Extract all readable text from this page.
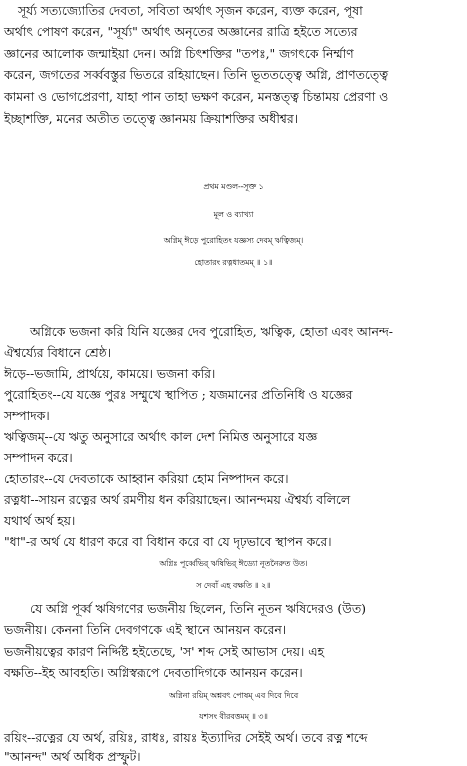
সূর্য্য সত্যজ্যোতির দেবতা, সবিতা অর্থাৎ সৃজন করেন, ব্যক্ত করেন, পূষা
অর্থাৎ পোষণ করেন, "সূর্য্য" অর্থাৎ অনৃতের অজ্ঞানের রাত্রি হইতে সত্যের
জ্ঞানের আলোক জন্মাইয়া দেন। অগ্নি চিৎশক্তির "তপঃ," জগৎকে নির্ম্মাণ
করেন, জগতের সর্ব্ববস্তুর ভিতরে রহিয়াছেন। তিনি ভূততত্ত্বে অগ্নি, প্রাণতত্ত্বে
কামনা ও ভোগপ্রেরণা, যাহা পান তাহা ভক্ষণ করেন, মনস্তত্ত্ব চিন্তাময় প্রেরণা ও
ইচ্ছাশক্তি, মনের অতীত তত্ত্বে জ্ঞানময় ক্রিয়াশক্তির অধীশ্বর।
প্রথম মণ্ডল--সূক্ত ১
মূল ও ব্যাখ্যা
অগ্নিম্ ঈড়ে পুরোহিতং যজ্ঞস্য দেবম্ ঋত্বিজম্।
হোতারং রত্নধাতমম্ ॥ ১॥
অগ্নিকে ভজনা করি যিনি যজ্ঞের দেব পুরোহিত, ঋত্বিক, হোতা এবং আনন্দ-
ঐশ্বর্য্যের বিধানে শ্রেষ্ঠ।
ঈড়ে--ভজামি, প্রার্থয়ে, কাময়ে। ভজনা করি।
পুরোহিতং--যে যজ্ঞে পুরঃ সম্মুখে স্থাপিত ; যজমানের প্রতিনিধি ও যজ্ঞের
সম্পাদক।
ঋত্বিজম্--যে ঋতু অনুসারে অর্থাৎ কাল দেশ নিমিত্ত অনুসারে যজ্ঞ
সম্পাদন করে।
হোতারং--যে দেবতাকে আহ্বান করিয়া হোম নিষ্পাদন করে।
রত্নধা--সায়ন রত্নের অর্থ রমণীয় ধন করিয়াছেন। আনন্দময় ঐশ্বর্য্য বলিলে
যথার্থ অর্থ হয়।
"ধা"-র অর্থ যে ধারণ করে বা বিধান করে বা যে দৃঢ়ভাবে স্থাপন করে।
অগ্নিঃ পূর্ব্বেভির্ ঋষিভির্ ঈড্যো নূতনৈরুত উত।
স দেবাঁ এহ বক্ষতি ॥ ২॥
যে অগ্নি পূর্ব্ব ঋষিগণের ভজনীয় ছিলেন, তিনি নূতন ঋষিদেরও (উত)
ভজনীয়। কেননা তিনি দেবগণকে এই স্থানে আনয়ন করেন।
ভজনীয়ত্বের কারণ নির্দ্দিষ্ট হইতেছে, 'স' শব্দ সেই আভাস দেয়। এহ
বক্ষতি--ইহ আবহতি। অগ্নিস্বরূপে দেবতাদিগকে আনয়ন করেন।
অগ্নিনা রয়িম্ অশ্নবৎ পোষম্ এব দিবে দিবে
যশসং বীরবত্তমম্ ॥ ৩॥
রয়িং--রত্নের যে অর্থ, রয়িঃ, রাধঃ, রায়ঃ ইত্যাদির সেইই অর্থ। তবে রত্ন শব্দে
"আনন্দ" অর্থ অধিক প্রস্ফুট।
